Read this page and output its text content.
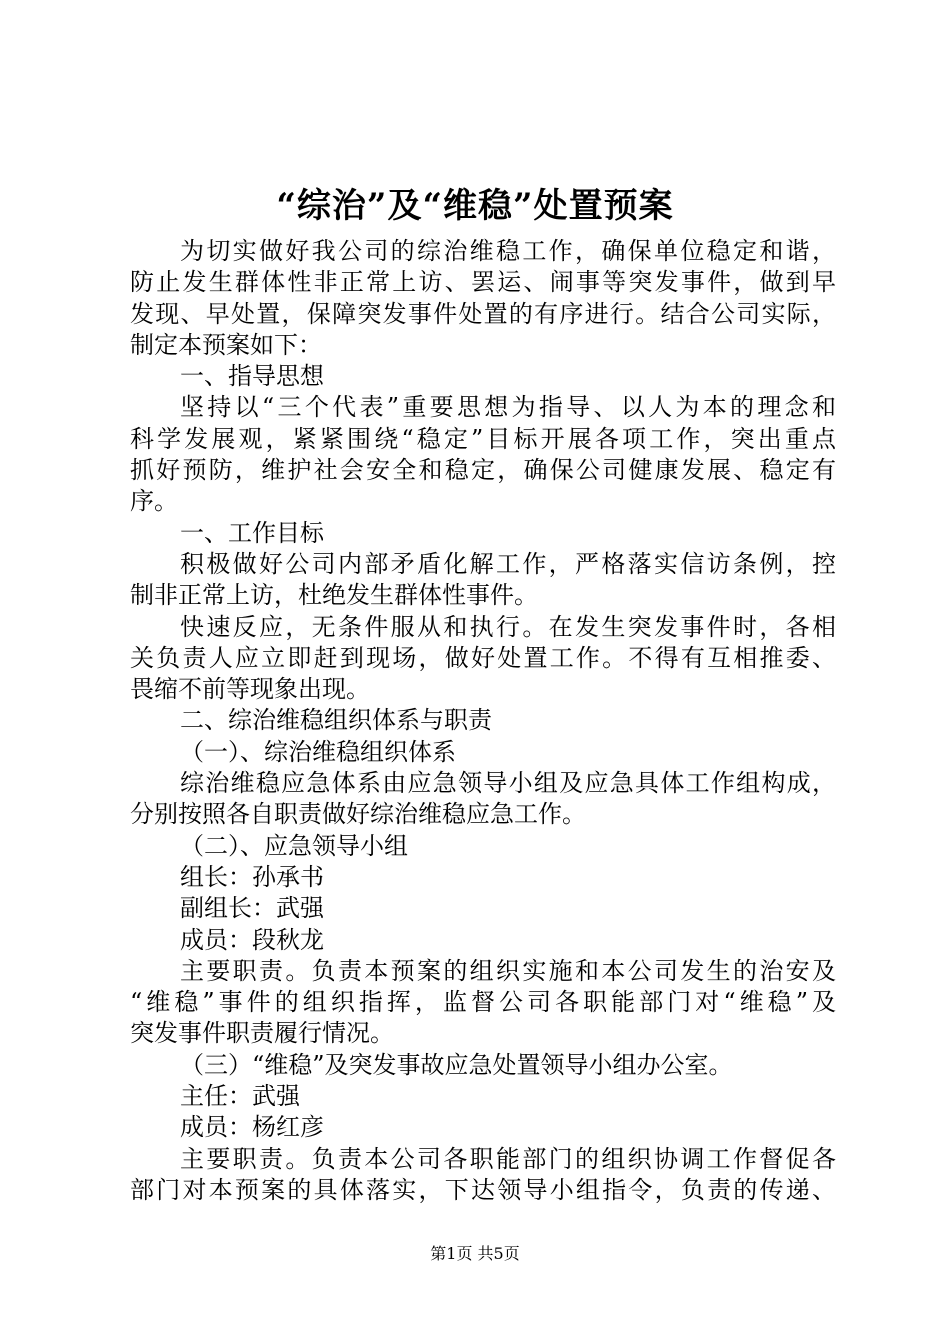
“综治”及“维稳”处置预案
为切实做好我公司的综治维稳工作，确保单位稳定和谐，
防止发生群体性非正常上访、罢运、闹事等突发事件，做到早
发现、早处置，保障突发事件处置的有序进行。结合公司实际，
制定本预案如下：
一、指导思想
坚持以“三个代表”重要思想为指导、以人为本的理念和
科学发展观，紧紧围绕“稳定”目标开展各项工作，突出重点
抓好预防，维护社会安全和稳定，确保公司健康发展、稳定有
序。
一、工作目标
积极做好公司内部矛盾化解工作，严格落实信访条例，控
制非正常上访，杜绝发生群体性事件。
快速反应，无条件服从和执行。在发生突发事件时，各相
关负责人应立即赶到现场，做好处置工作。不得有互相推委、
畏缩不前等现象出现。
二、综治维稳组织体系与职责
（一）、综治维稳组织体系
综治维稳应急体系由应急领导小组及应急具体工作组构成，
分别按照各自职责做好综治维稳应急工作。
（二）、应急领导小组
组长：孙承书
副组长：武强
成员：段秋龙
主要职责。负责本预案的组织实施和本公司发生的治安及
“维稳”事件的组织指挥，监督公司各职能部门对“维稳”及
突发事件职责履行情况。
（三）“维稳”及突发事故应急处置领导小组办公室。
主任：武强
成员：杨红彦
主要职责。负责本公司各职能部门的组织协调工作督促各
部门对本预案的具体落实，下达领导小组指令，负责的传递、
第1页 共5页
